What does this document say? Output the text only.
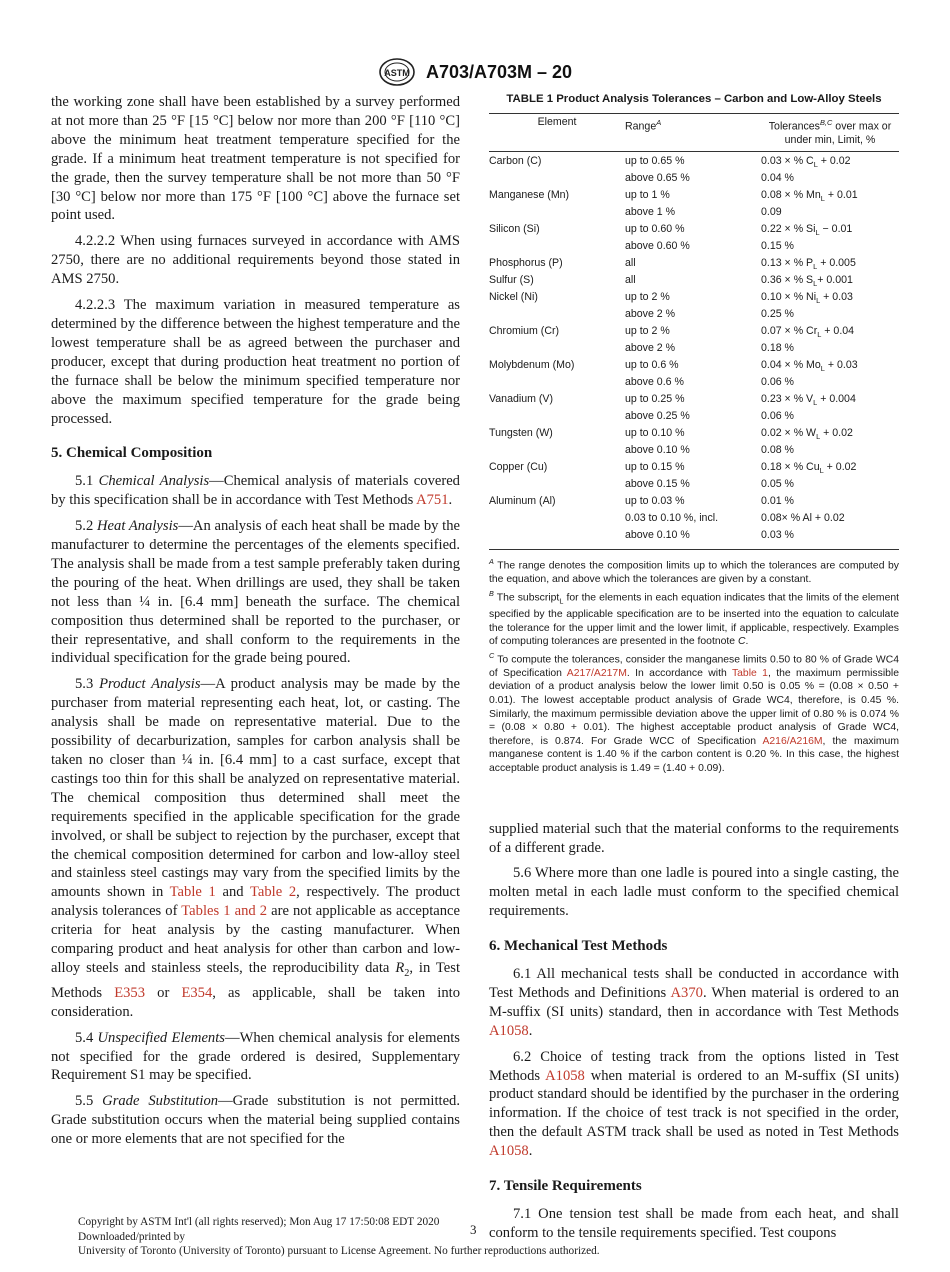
ASTM A703/A703M – 20

the working zone shall have been established by a survey performed at not more than 25 °F [15 °C] below nor more than 200 °F [110 °C] above the minimum heat treatment temperature specified for the grade. If a minimum heat treatment temperature is not specified for the grade, then the survey temperature shall be not more than 50 °F [30 °C] below nor more than 175 °F [100 °C] above the furnace set point used.

4.2.2.2 When using furnaces surveyed in accordance with AMS 2750, there are no additional requirements beyond those stated in AMS 2750.

4.2.2.3 The maximum variation in measured temperature as determined by the difference between the highest temperature and the lowest temperature shall be as agreed between the purchaser and producer, except that during production heat treatment no portion of the furnace shall be below the minimum specified temperature nor above the maximum specified temperature for the grade being processed.

5. Chemical Composition

5.1 Chemical Analysis—Chemical analysis of materials covered by this specification shall be in accordance with Test Methods A751.

5.2 Heat Analysis—An analysis of each heat shall be made by the manufacturer to determine the percentages of the elements specified. The analysis shall be made from a test sample preferably taken during the pouring of the heat. When drillings are used, they shall be taken not less than ¼ in. [6.4 mm] beneath the surface. The chemical composition thus determined shall be reported to the purchaser, or their representative, and shall conform to the requirements in the individual specification for the grade being poured.

5.3 Product Analysis—A product analysis may be made by the purchaser from material representing each heat, lot, or casting. The analysis shall be made on representative material. Due to the possibility of decarburization, samples for carbon analysis shall be taken no closer than ¼ in. [6.4 mm] to a cast surface, except that castings too thin for this shall be analyzed on representative material. The chemical composition thus determined shall meet the requirements specified in the applicable specification for the grade involved, or shall be subject to rejection by the purchaser, except that the chemical composition determined for carbon and low-alloy steel and stainless steel castings may vary from the specified limits by the amounts shown in Table 1 and Table 2, respectively. The product analysis tolerances of Tables 1 and 2 are not applicable as acceptance criteria for heat analysis by the casting manufacturer. When comparing product and heat analysis for other than carbon and low-alloy steels and stainless steels, the reproducibility data $R_2$, in Test Methods E353 or E354, as applicable, shall be taken into consideration.

5.4 Unspecified Elements—When chemical analysis for elements not specified for the grade ordered is desired, Supplementary Requirement S1 may be specified.

5.5 Grade Substitution—Grade substitution is not permitted. Grade substitution occurs when the material being supplied contains one or more elements that are not specified for the

TABLE 1 Product Analysis Tolerances – Carbon and Low-Alloy Steels
Element	Range$^A$	Tolerances$^{B,C}$ over max or under min, Limit, %
Carbon (C)	up to 0.65 %	0.03 × % $C_L + 0.02$
	above 0.65 %	0.04 %
Manganese (Mn)	up to 1 %	0.08 × % $Mn_L + 0.01$
	above 1 %	0.09
Silicon (Si)	up to 0.60 %	0.22 × % $Si_L - 0.01$
	above 0.60 %	0.15 %
Phosphorus (P)	all	0.13 × % $P_L + 0.005$
Sulfur (S)	all	0.36 × % $S_L+ 0.001$
Nickel (Ni)	up to 2 %	0.10 × % $Ni_L + 0.03$
	above 2 %	0.25 %
Chromium (Cr)	up to 2 %	0.07 × % $Cr_L + 0.04$
	above 2 %	0.18 %
Molybdenum (Mo)	up to 0.6 %	0.04 × % $Mo_L + 0.03$
	above 0.6 %	0.06 %
Vanadium (V)	up to 0.25 %	0.23 × % $V_L + 0.004$
	above 0.25 %	0.06 %
Tungsten (W)	up to 0.10 %	0.02 × % $W_L + 0.02$
	above 0.10 %	0.08 %
Copper (Cu)	up to 0.15 %	0.18 × % $Cu_L + 0.02$
	above 0.15 %	0.05 %
Aluminum (Al)	up to 0.03 %	0.01 %
	0.03 to 0.10 %, incl.	0.08× % Al + 0.02
	above 0.10 %	0.03 %

$^A$ The range denotes the composition limits up to which the tolerances are computed by the equation, and above which the tolerances are given by a constant.

$^B$ The subscript$_L$ for the elements in each equation indicates that the limits of the element specified by the applicable specification are to be inserted into the equation to calculate the tolerance for the upper limit and the lower limit, if applicable, respectively. Examples of computing tolerances are presented in the footnote C.

$^C$ To compute the tolerances, consider the manganese limits 0.50 to 80 % of Grade WC4 of Specification A217/A217M. In accordance with Table 1, the maximum permissible deviation of a product analysis below the lower limit 0.50 is 0.05 % = (0.08 × 0.50 + 0.01). The lowest acceptable product analysis of Grade WC4, therefore, is 0.45 %. Similarly, the maximum permissible deviation above the upper limit of 0.80 % is 0.074 % = (0.08 × 0.80 + 0.01). The highest acceptable product analysis of Grade WC4, therefore, is 0.874. For Grade WCC of Specification A216/A216M, the maximum manganese content is 1.40 % if the carbon content is 0.20 %. In this case, the highest acceptable product analysis is 1.49 = (1.40 + 0.09).

supplied material such that the material conforms to the requirements of a different grade.

5.6 Where more than one ladle is poured into a single casting, the molten metal in each ladle must conform to the specified chemical requirements.

6. Mechanical Test Methods

6.1 All mechanical tests shall be conducted in accordance with Test Methods and Definitions A370. When material is ordered to an M-suffix (SI units) standard, then in accordance with Test Methods A1058.

6.2 Choice of testing track from the options listed in Test Methods A1058 when material is ordered to an M-suffix (SI units) product standard should be identified by the purchaser in the ordering information. If the choice of test track is not specified in the order, then the default ASTM track shall be used as noted in Test Methods A1058.

7. Tensile Requirements

7.1 One tension test shall be made from each heat, and shall conform to the tensile requirements specified. Test coupons

Copyright by ASTM Int'l (all rights reserved); Mon Aug 17 17:50:08 EDT 2020
Downloaded/printed by
University of Toronto (University of Toronto) pursuant to License Agreement. No further reproductions authorized.
3
